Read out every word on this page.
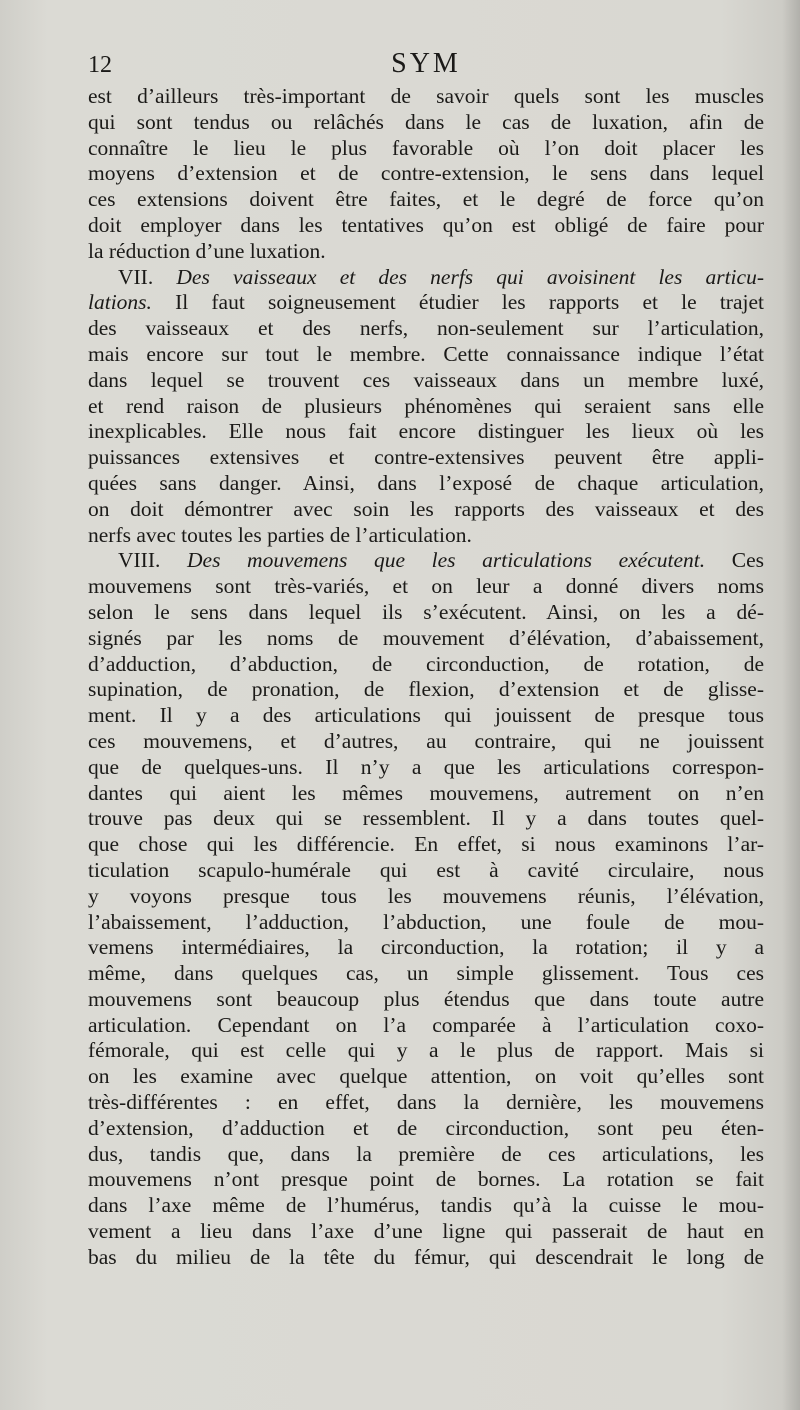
12	SYM
est d’ailleurs très-important de savoir quels sont les muscles
qui sont tendus ou relâchés dans le cas de luxation, afin de
connaître le lieu le plus favorable où l’on doit placer les
moyens d’extension et de contre-extension, le sens dans lequel
ces extensions doivent être faites, et le degré de force qu’on
doit employer dans les tentatives qu’on est obligé de faire pour
la réduction d’une luxation.
VII. Des vaisseaux et des nerfs qui avoisinent les articu-
lations. Il faut soigneusement étudier les rapports et le trajet
des vaisseaux et des nerfs, non-seulement sur l’articulation,
mais encore sur tout le membre. Cette connaissance indique l’état
dans lequel se trouvent ces vaisseaux dans un membre luxé,
et rend raison de plusieurs phénomènes qui seraient sans elle
inexplicables. Elle nous fait encore distinguer les lieux où les
puissances extensives et contre-extensives peuvent être appli-
quées sans danger. Ainsi, dans l’exposé de chaque articulation,
on doit démontrer avec soin les rapports des vaisseaux et des
nerfs avec toutes les parties de l’articulation.
VIII. Des mouvemens que les articulations exécutent. Ces
mouvemens sont très-variés, et on leur a donné divers noms
selon le sens dans lequel ils s’exécutent. Ainsi, on les a dé-
signés par les noms de mouvement d’élévation, d’abaissement,
d’adduction, d’abduction, de circonduction, de rotation, de
supination, de pronation, de flexion, d’extension et de glisse-
ment. Il y a des articulations qui jouissent de presque tous
ces mouvemens, et d’autres, au contraire, qui ne jouissent
que de quelques-uns. Il n’y a que les articulations correspon-
dantes qui aient les mêmes mouvemens, autrement on n’en
trouve pas deux qui se ressemblent. Il y a dans toutes quel-
que chose qui les différencie. En effet, si nous examinons l’ar-
ticulation scapulo-humérale qui est à cavité circulaire, nous
y voyons presque tous les mouvemens réunis, l’élévation,
l’abaissement, l’adduction, l’abduction, une foule de mou-
vemens intermédiaires, la circonduction, la rotation; il y a
même, dans quelques cas, un simple glissement. Tous ces
mouvemens sont beaucoup plus étendus que dans toute autre
articulation. Cependant on l’a comparée à l’articulation coxo-
fémorale, qui est celle qui y a le plus de rapport. Mais si
on les examine avec quelque attention, on voit qu’elles sont
très-différentes : en effet, dans la dernière, les mouvemens
d’extension, d’adduction et de circonduction, sont peu éten-
dus, tandis que, dans la première de ces articulations, les
mouvemens n’ont presque point de bornes. La rotation se fait
dans l’axe même de l’humérus, tandis qu’à la cuisse le mou-
vement a lieu dans l’axe d’une ligne qui passerait de haut en
bas du milieu de la tête du fémur, qui descendrait le long de
